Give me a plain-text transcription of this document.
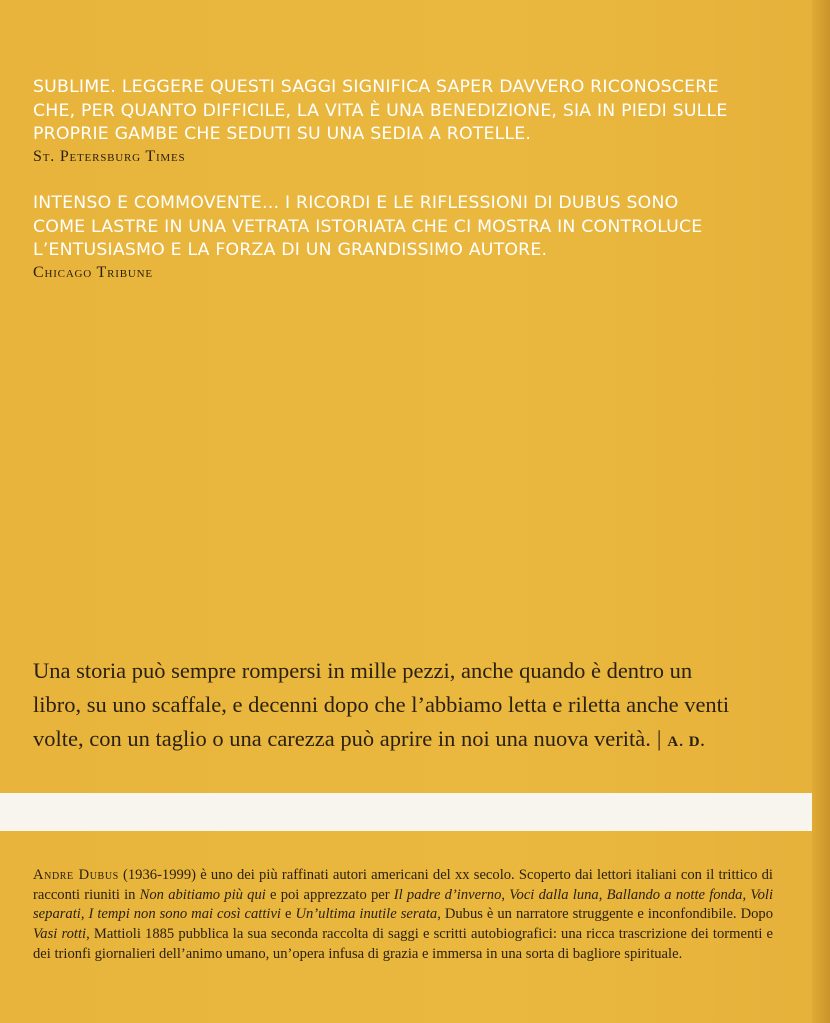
SUBLIME. LEGGERE QUESTI SAGGI SIGNIFICA SAPER DAVVERO RICONOSCERE
CHE, PER QUANTO DIFFICILE, LA VITA È UNA BENEDIZIONE, SIA IN PIEDI SULLE
PROPRIE GAMBE CHE SEDUTI SU UNA SEDIA A ROTELLE.

St. Petersburg Times

INTENSO E COMMOVENTE… I RICORDI E LE RIFLESSIONI DI DUBUS SONO
COME LASTRE IN UNA VETRATA ISTORIATA CHE CI MOSTRA IN CONTROLUCE
L’ENTUSIASMO E LA FORZA DI UN GRANDISSIMO AUTORE.

Chicago Tribune

Una storia può sempre rompersi in mille pezzi, anche quando è dentro un
libro, su uno scaffale, e decenni dopo che l’abbiamo letta e riletta anche venti
volte, con un taglio o una carezza può aprire in noi una nuova verità. | A. D.

Andre Dubus (1936-1999) è uno dei più raffinati autori americani del xx secolo. Scoperto dai lettori italiani con il trittico di racconti riuniti in Non abitiamo più qui e poi apprezzato per Il padre d’inverno, Voci dalla luna, Ballando a notte fonda, Voli separati, I tempi non sono mai così cattivi e Un’ultima inutile serata, Dubus è un narratore struggente e inconfondibile. Dopo Vasi rotti, Mattioli 1885 pubblica la sua seconda raccolta di saggi e scritti autobiografici: una ricca trascrizione dei tormenti e dei trionfi giornalieri dell’animo umano, un’opera infusa di grazia e immersa in una sorta di bagliore spirituale.
